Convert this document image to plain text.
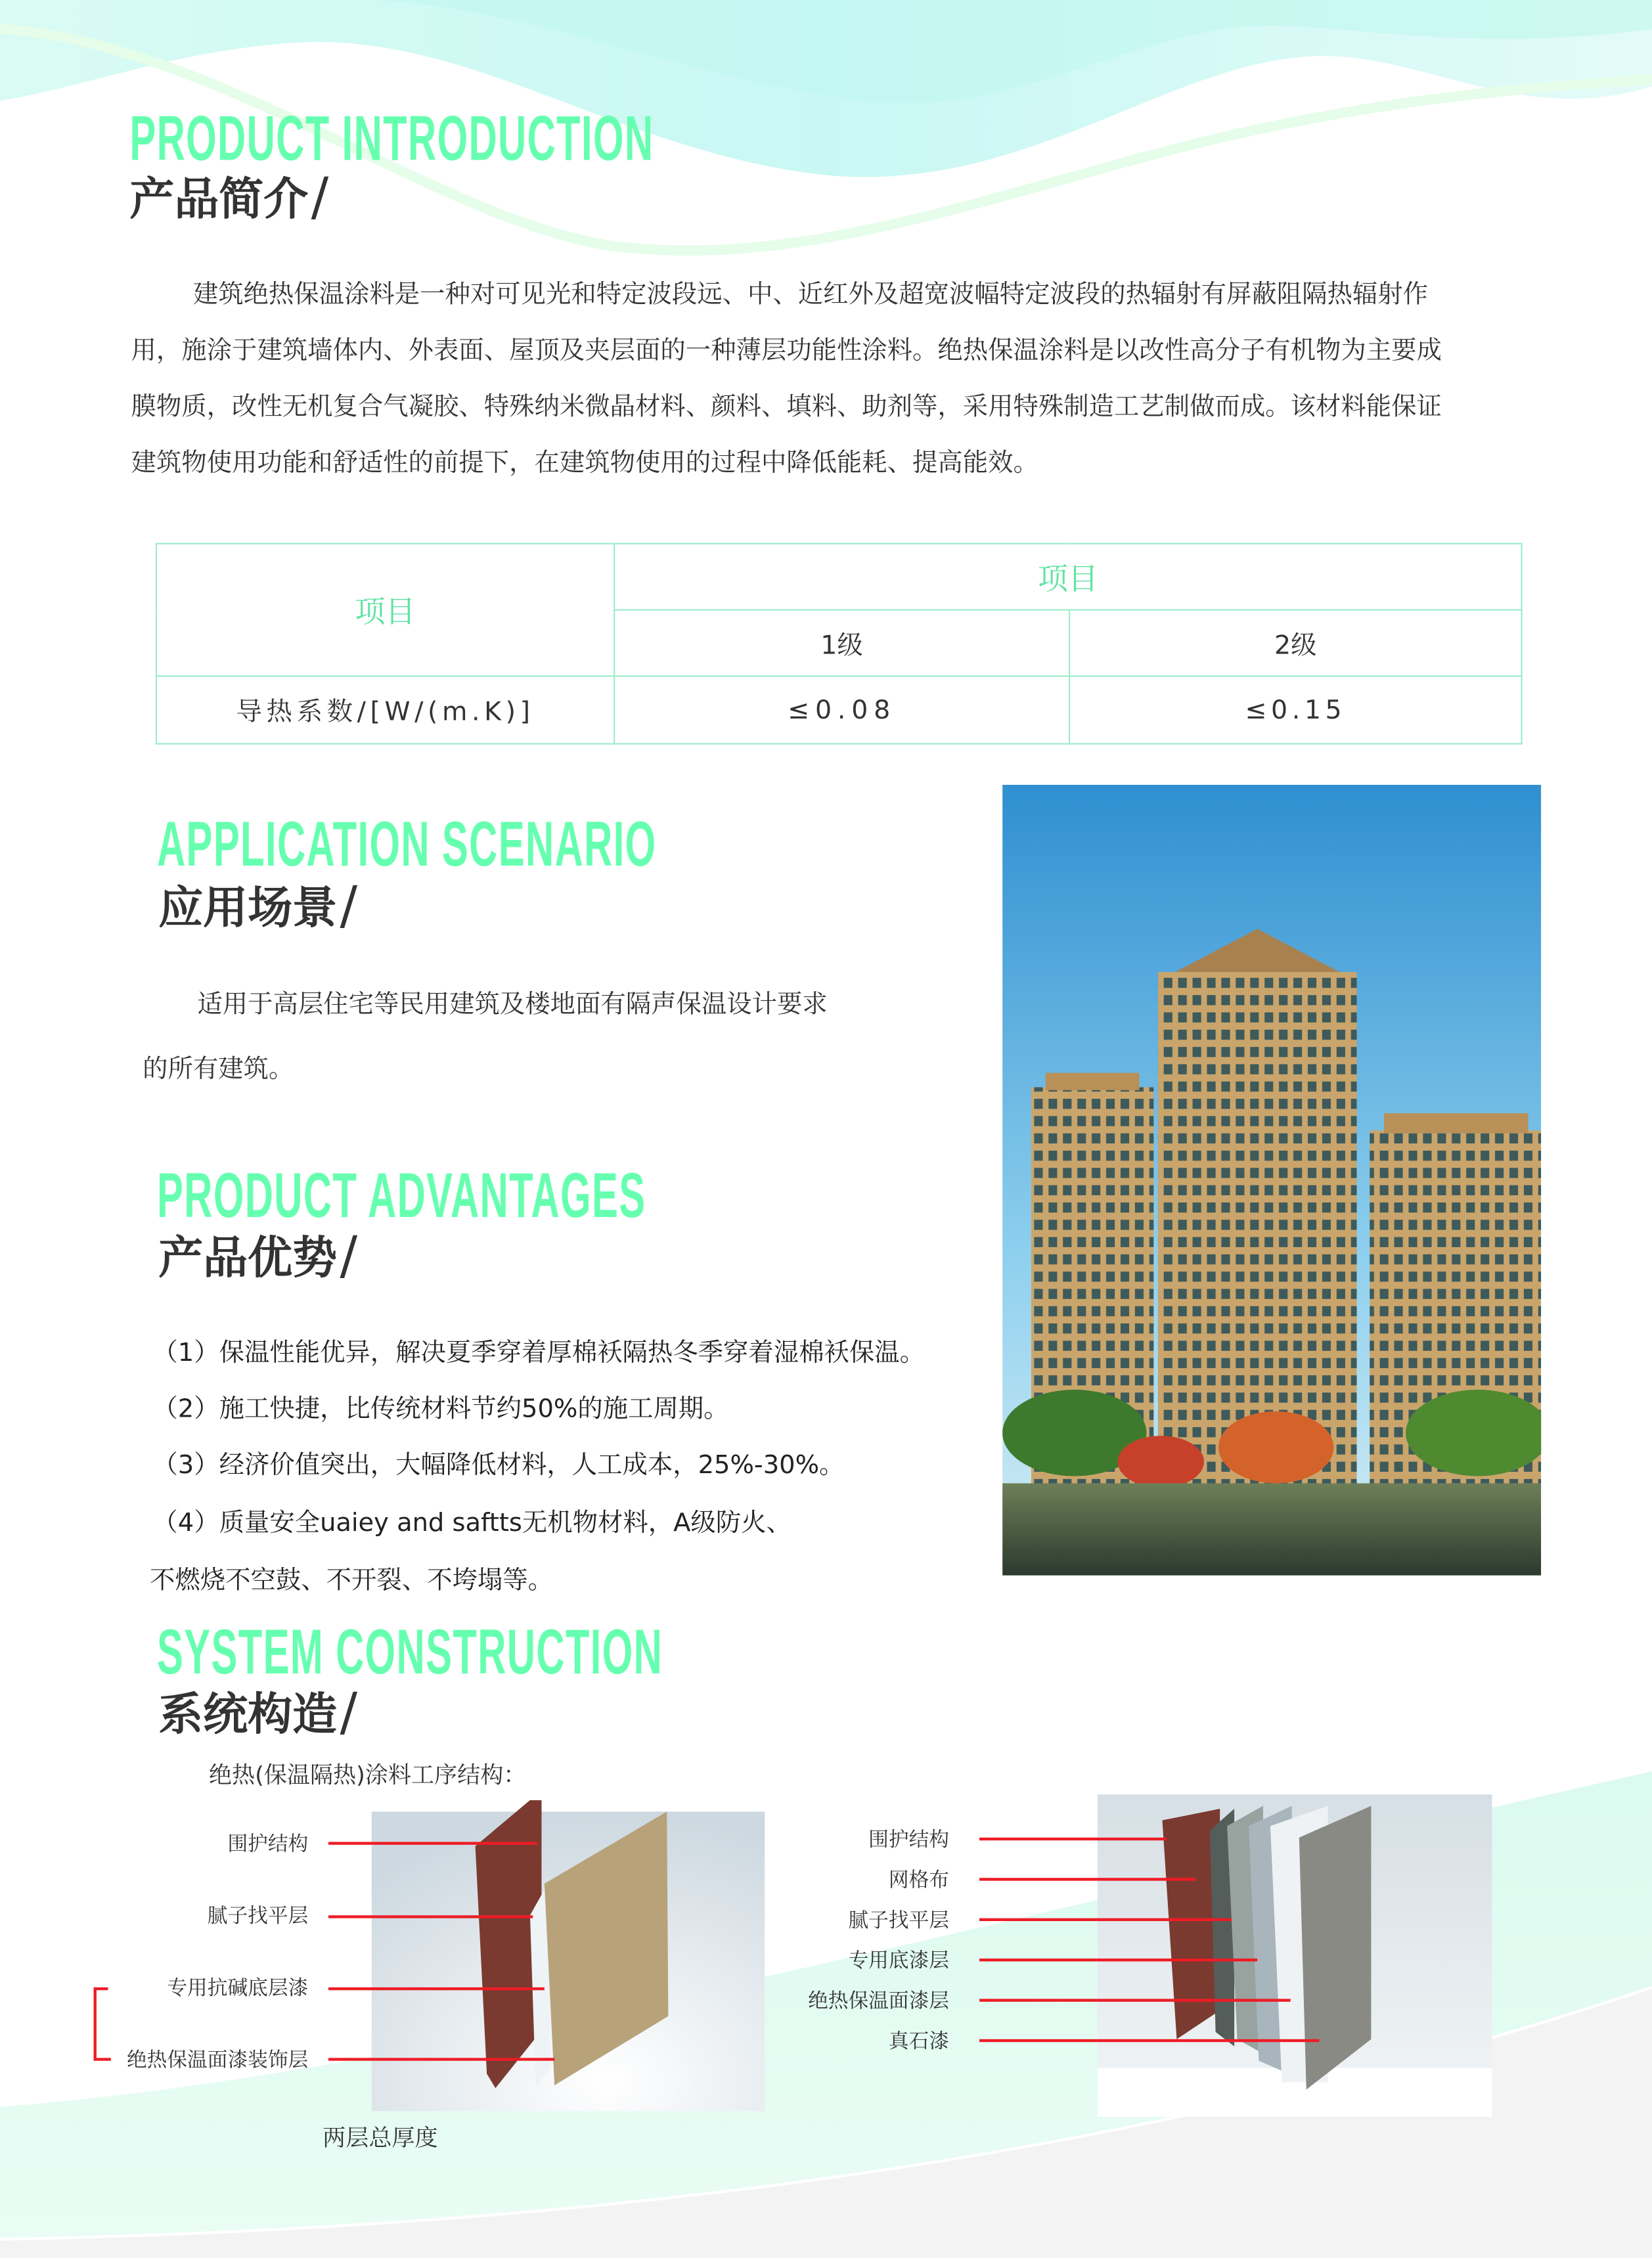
PRODUCT INTRODUCTION
产品简介 /
建筑绝热保温涂料是一种对可见光和特定波段远、中、近红外及超宽波幅特定波段的热辐射有屏蔽阻隔热辐射作
用，施涂于建筑墙体内、外表面、屋顶及夹层面的一种薄层功能性涂料。绝热保温涂料是以改性高分子有机物为主要成
膜物质，改性无机复合气凝胶、特殊纳米微晶材料、颜料、填料、助剂等，采用特殊制造工艺制做而成。该材料能保证
建筑物使用功能和舒适性的前提下，在建筑物使用的过程中降低能耗、提高能效。
项目	项目	
	1级	2级
导热系数/[W/(m.K)]	≤0.08	≤0.15
APPLICATION SCENARIO
应用场景 /
适用于高层住宅等民用建筑及楼地面有隔声保温设计要求
的所有建筑。
PRODUCT ADVANTAGES
产品优势 /
（1）保温性能优异，解决夏季穿着厚棉袄隔热冬季穿着湿棉袄保温。
（2）施工快捷，比传统材料节约50%的施工周期。
（3）经济价值突出，大幅降低材料，人工成本，25%-30%。
（4）质量安全uaiey and saftts无机物材料，A级防火、
不燃烧不空鼓、不开裂、不垮塌等。
SYSTEM CONSTRUCTION
系统构造 /
绝热(保温隔热)涂料工序结构：
围护结构
腻子找平层
专用抗碱底层漆
绝热保温面漆装饰层
两层总厚度
围护结构
网格布
腻子找平层
专用底漆层
绝热保温面漆层
真石漆
